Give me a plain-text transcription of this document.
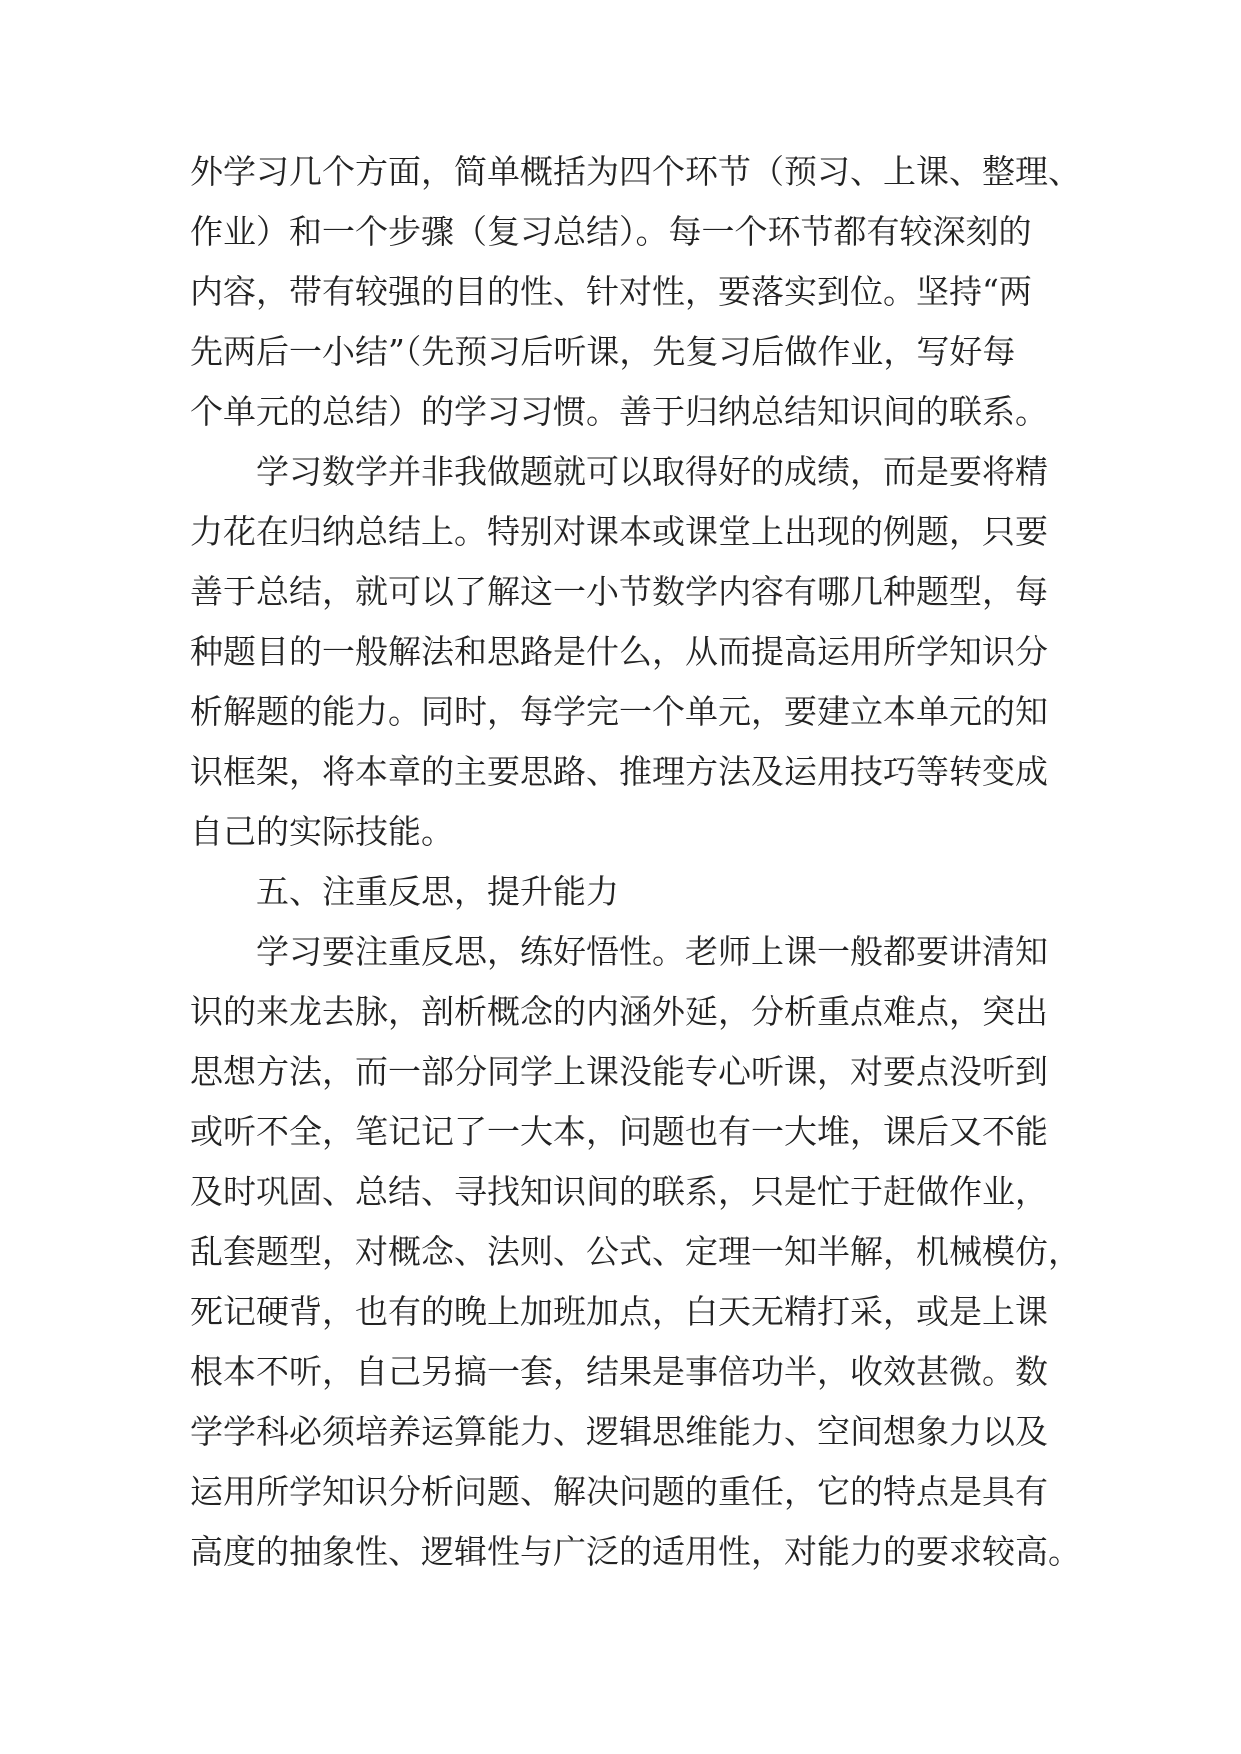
外学习几个方面，简单概括为四个环节（预习、上课、整理、
作业）和一个步骤（复习总结）。每一个环节都有较深刻的
内容，带有较强的目的性、针对性，要落实到位。坚持“两
先两后一小结”（先预习后听课，先复习后做作业，写好每
个单元的总结）的学习习惯。善于归纳总结知识间的联系。
学习数学并非我做题就可以取得好的成绩，而是要将精
力花在归纳总结上。特别对课本或课堂上出现的例题，只要
善于总结，就可以了解这一小节数学内容有哪几种题型，每
种题目的一般解法和思路是什么，从而提高运用所学知识分
析解题的能力。同时，每学完一个单元，要建立本单元的知
识框架，将本章的主要思路、推理方法及运用技巧等转变成
自己的实际技能。
五、注重反思，提升能力
学习要注重反思，练好悟性。老师上课一般都要讲清知
识的来龙去脉，剖析概念的内涵外延，分析重点难点，突出
思想方法，而一部分同学上课没能专心听课，对要点没听到
或听不全，笔记记了一大本，问题也有一大堆，课后又不能
及时巩固、总结、寻找知识间的联系，只是忙于赶做作业，
乱套题型，对概念、法则、公式、定理一知半解，机械模仿，
死记硬背，也有的晚上加班加点，白天无精打采，或是上课
根本不听，自己另搞一套，结果是事倍功半，收效甚微。数
学学科必须培养运算能力、逻辑思维能力、空间想象力以及
运用所学知识分析问题、解决问题的重任，它的特点是具有
高度的抽象性、逻辑性与广泛的适用性，对能力的要求较高。
